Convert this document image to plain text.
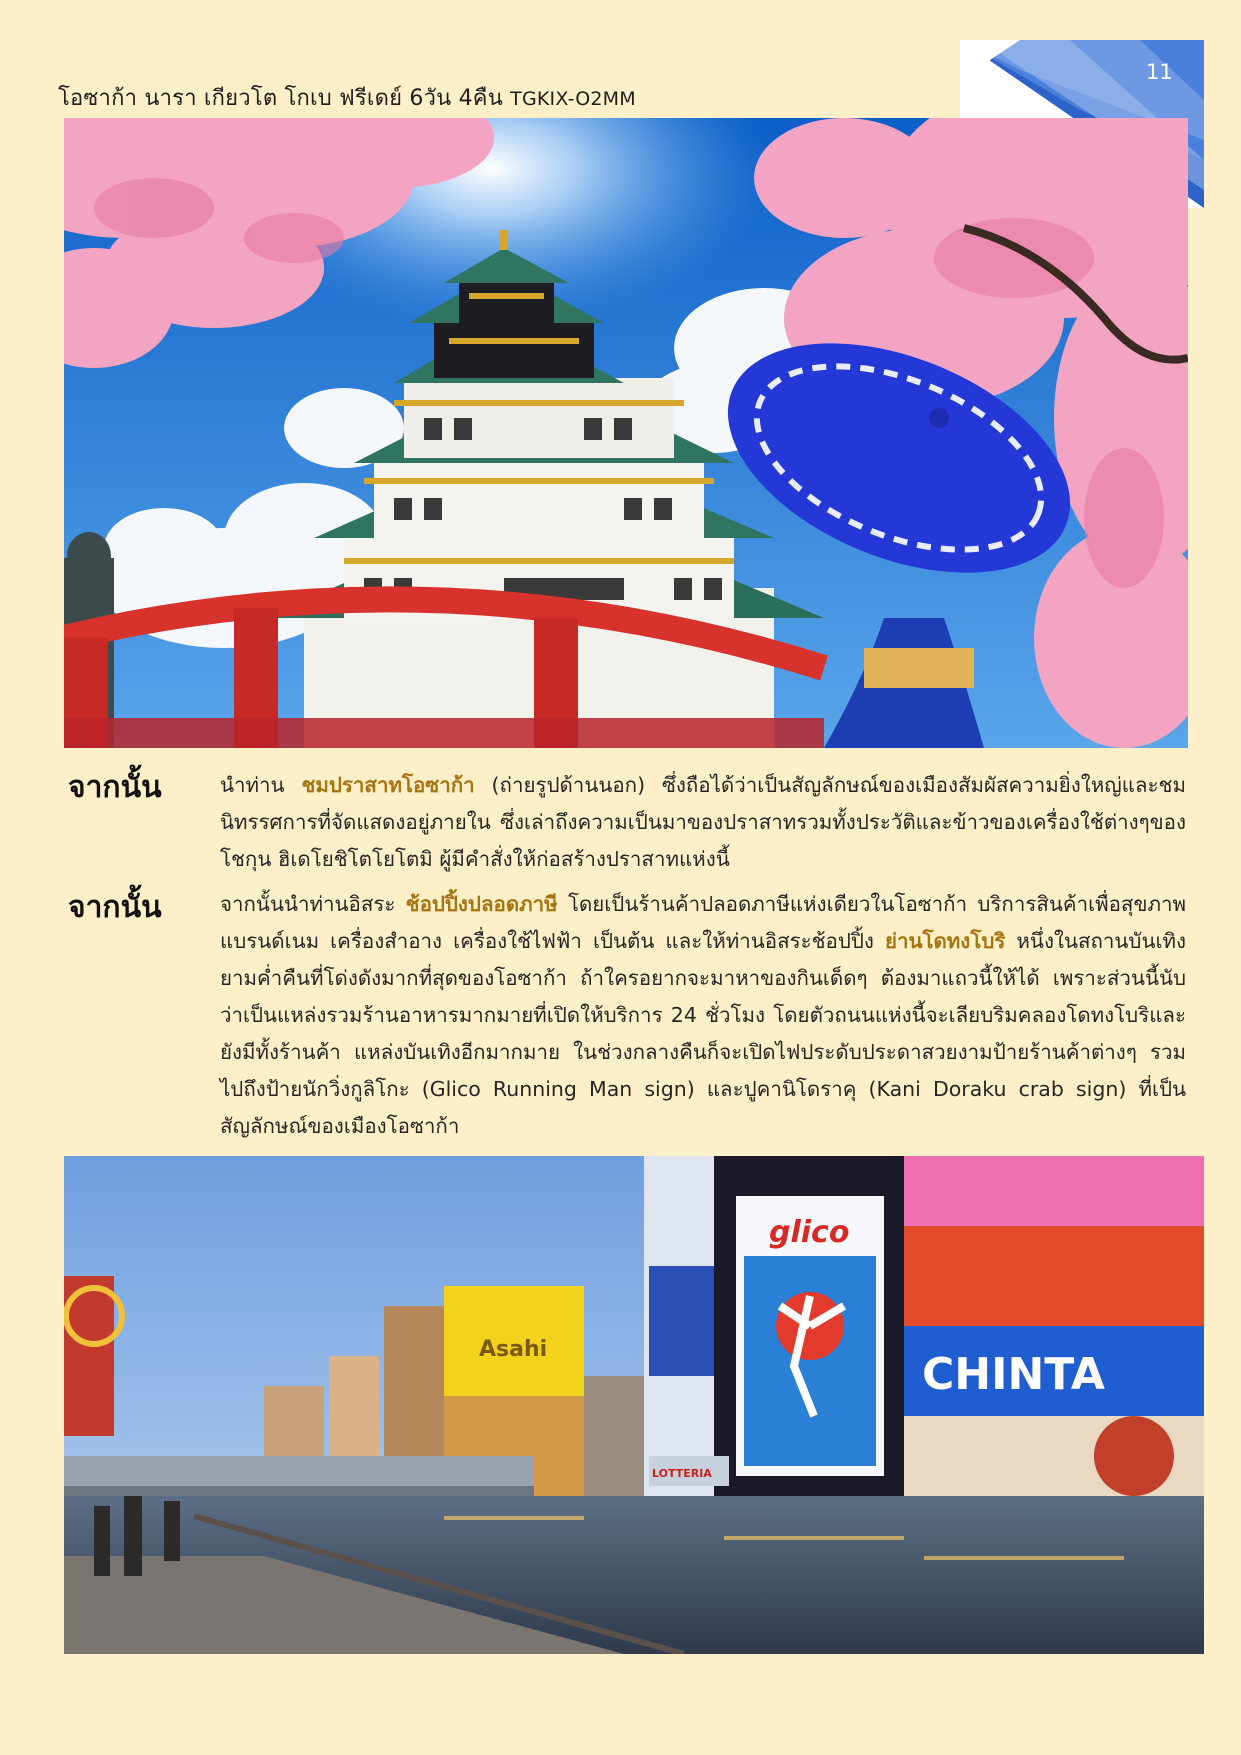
โอซาก้า นารา เกียวโต โกเบ ฟรีเดย์ 6วัน 4คืน TGKIX-O2MM
11
จากนั้น	นำท่าน ชมปราสาทโอซาก้า (ถ่ายรูปด้านนอก) ซึ่งถือได้ว่าเป็นสัญลักษณ์ของเมืองสัมผัสความยิ่งใหญ่และชมนิทรรศการที่จัดแสดงอยู่ภายใน ซึ่งเล่าถึงความเป็นมาของปราสาทรวมทั้งประวัติและข้าวของเครื่องใช้ต่างๆของโชกุน ฮิเดโยชิโตโยโตมิ ผู้มีคำสั่งให้ก่อสร้างปราสาทแห่งนี้
จากนั้น	จากนั้นนำท่านอิสระ ช้อปปิ้งปลอดภาษี โดยเป็นร้านค้าปลอดภาษีแห่งเดียวในโอซาก้า บริการสินค้าเพื่อสุขภาพ แบรนด์เนม เครื่องสำอาง เครื่องใช้ไฟฟ้า เป็นต้น และให้ท่านอิสระช้อปปิ้ง ย่านโดทงโบริ หนึ่งในสถานบันเทิงยามค่ำคืนที่โด่งดังมากที่สุดของโอซาก้า ถ้าใครอยากจะมาหาของกินเด็ดๆ ต้องมาแถวนี้ให้ได้ เพราะส่วนนี้นับว่าเป็นแหล่งรวมร้านอาหารมากมายที่เปิดให้บริการ 24 ชั่วโมง โดยตัวถนนแห่งนี้จะเลียบริมคลองโดทงโบริและยังมีทั้งร้านค้า แหล่งบันเทิงอีกมากมาย ในช่วงกลางคืนก็จะเปิดไฟประดับประดาสวยงามป้ายร้านค้าต่างๆ รวมไปถึงป้ายนักวิ่งกูลิโกะ (Glico Running Man sign) และปูคานิโดราคุ (Kani Doraku crab sign) ที่เป็นสัญลักษณ์ของเมืองโอซาก้า
Asahi
glico
CHINTA
LOTTERIA
